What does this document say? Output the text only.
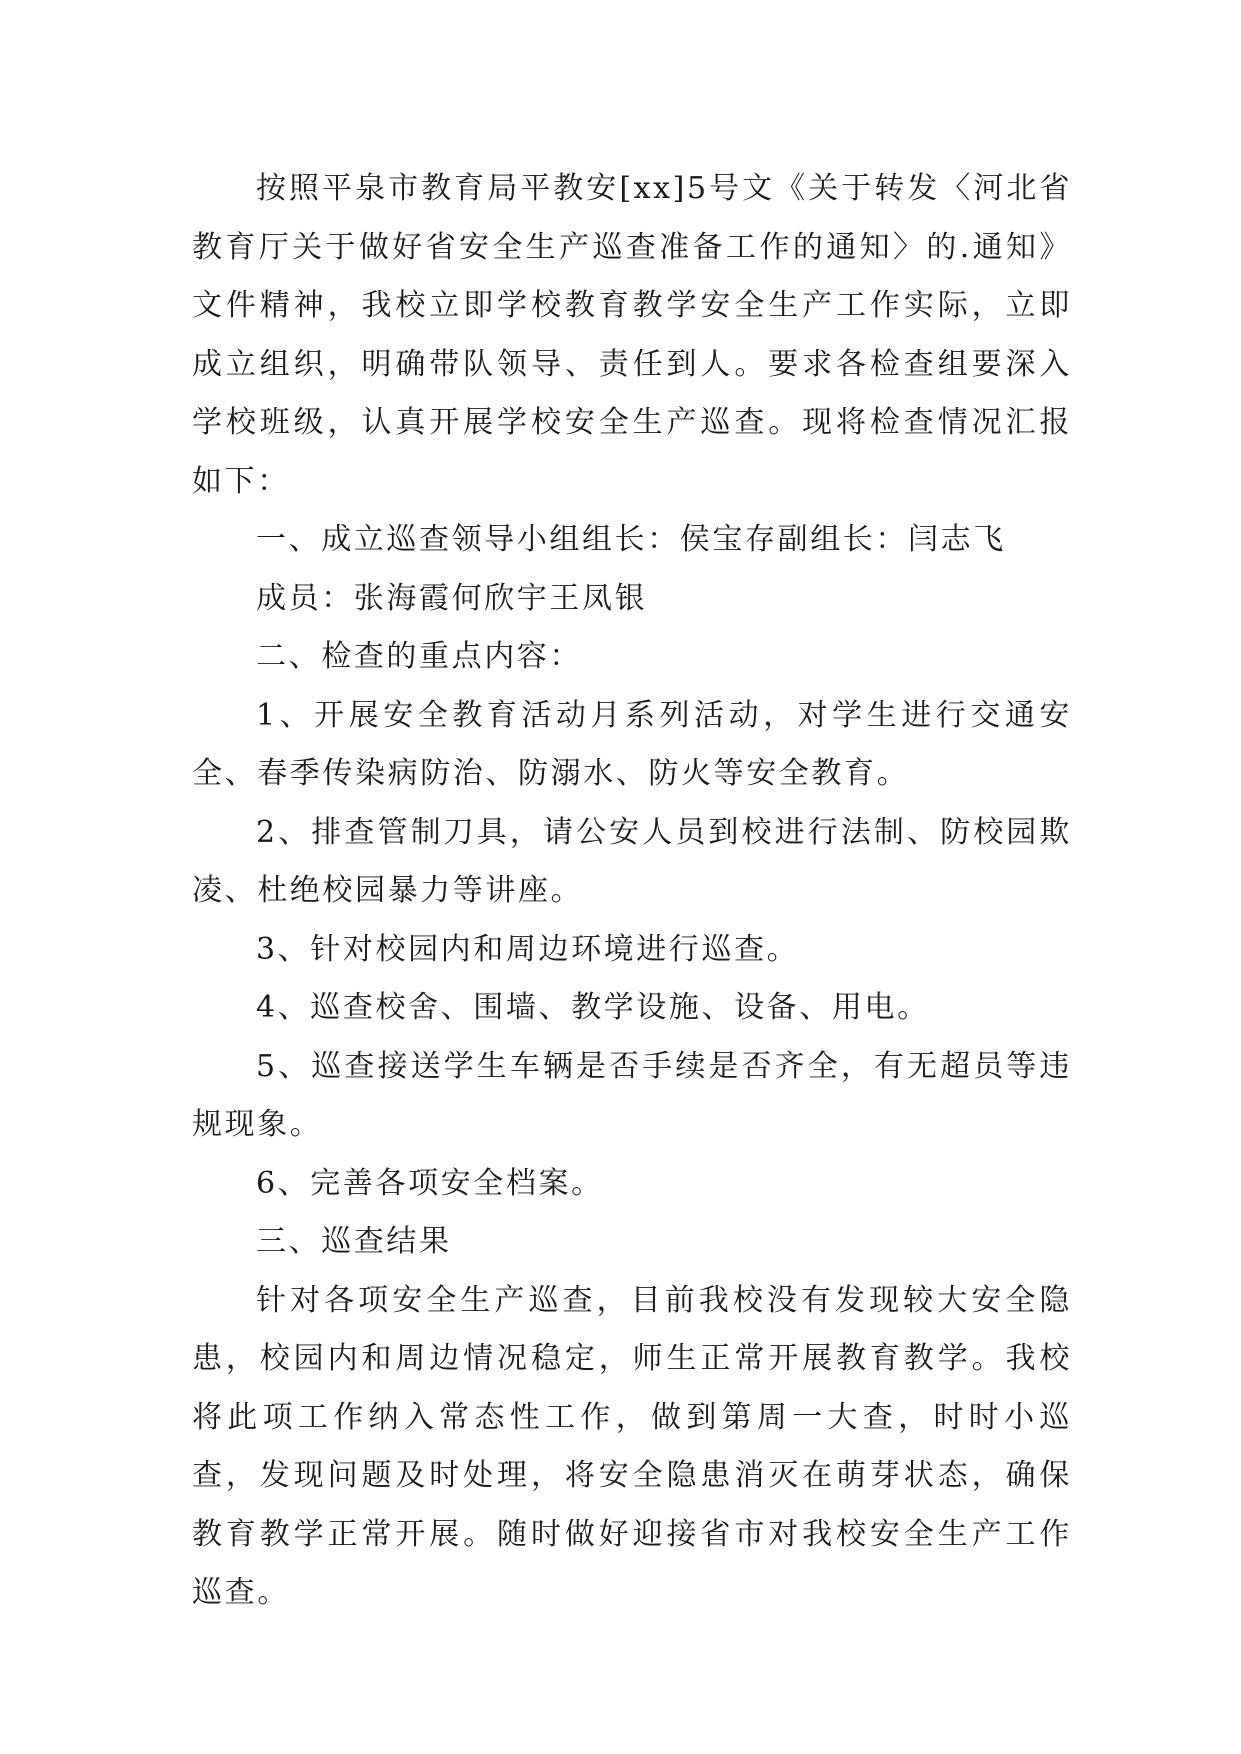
按照平泉市教育局平教安[xx]5号文《关于转发〈河北省教育厅关于做好省安全生产巡查准备工作的通知〉的.通知》文件精神，我校立即学校教育教学安全生产工作实际，立即成立组织，明确带队领导、责任到人。要求各检查组要深入学校班级，认真开展学校安全生产巡查。现将检查情况汇报如下：

一、成立巡查领导小组组长：侯宝存副组长：闫志飞

成员：张海霞何欣宇王凤银

二、检查的重点内容：

1、开展安全教育活动月系列活动，对学生进行交通安全、春季传染病防治、防溺水、防火等安全教育。

2、排查管制刀具，请公安人员到校进行法制、防校园欺凌、杜绝校园暴力等讲座。

3、针对校园内和周边环境进行巡查。

4、巡查校舍、围墙、教学设施、设备、用电。

5、巡查接送学生车辆是否手续是否齐全，有无超员等违规现象。

6、完善各项安全档案。

三、巡查结果

针对各项安全生产巡查，目前我校没有发现较大安全隐患，校园内和周边情况稳定，师生正常开展教育教学。我校将此项工作纳入常态性工作，做到第周一大查，时时小巡查，发现问题及时处理，将安全隐患消灭在萌芽状态，确保教育教学正常开展。随时做好迎接省市对我校安全生产工作巡查。
